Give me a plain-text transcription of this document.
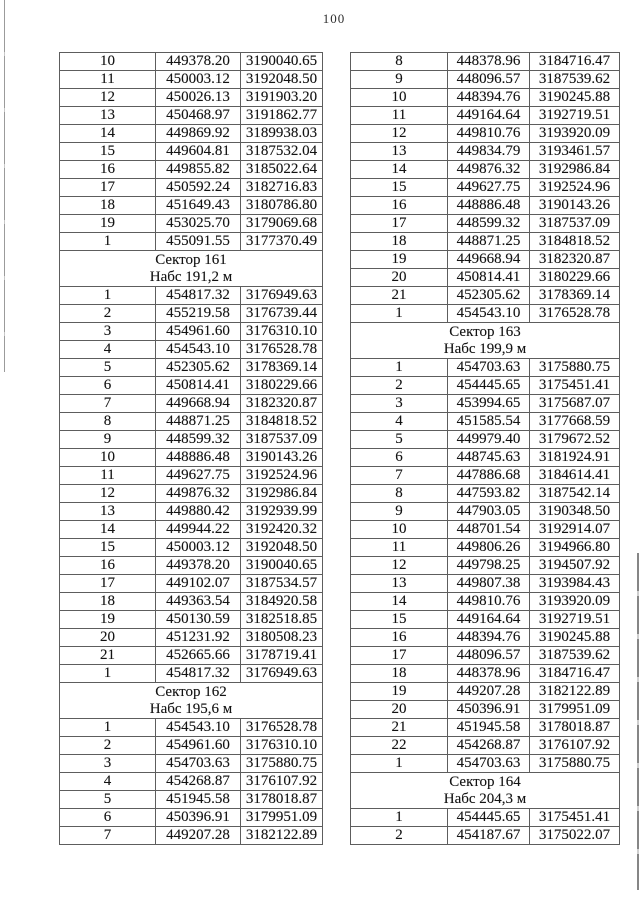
100
10	449378.20	3190040.65
11	450003.12	3192048.50
12	450026.13	3191903.20
13	450468.97	3191862.77
14	449869.92	3189938.03
15	449604.81	3187532.04
16	449855.82	3185022.64
17	450592.24	3182716.83
18	451649.43	3180786.80
19	453025.70	3179069.68
1	455091.55	3177370.49

Сектор 161
Набс 191,2 м		

1	454817.32	3176949.63
2	455219.58	3176739.44
3	454961.60	3176310.10
4	454543.10	3176528.78
5	452305.62	3178369.14
6	450814.41	3180229.66
7	449668.94	3182320.87
8	448871.25	3184818.52
9	448599.32	3187537.09
10	448886.48	3190143.26
11	449627.75	3192524.96
12	449876.32	3192986.84
13	449880.42	3192939.99
14	449944.22	3192420.32
15	450003.12	3192048.50
16	449378.20	3190040.65
17	449102.07	3187534.57
18	449363.54	3184920.58
19	450130.59	3182518.85
20	451231.92	3180508.23
21	452665.66	3178719.41
1	454817.32	3176949.63

Сектор 162
Набс 195,6 м		

1	454543.10	3176528.78
2	454961.60	3176310.10
3	454703.63	3175880.75
4	454268.87	3176107.92
5	451945.58	3178018.87
6	450396.91	3179951.09
7	449207.28	3182122.89
8	448378.96	3184716.47
9	448096.57	3187539.62
10	448394.76	3190245.88
11	449164.64	3192719.51
12	449810.76	3193920.09
13	449834.79	3193461.57
14	449876.32	3192986.84
15	449627.75	3192524.96
16	448886.48	3190143.26
17	448599.32	3187537.09
18	448871.25	3184818.52
19	449668.94	3182320.87
20	450814.41	3180229.66
21	452305.62	3178369.14
1	454543.10	3176528.78

Сектор 163
Набс 199,9 м		

1	454703.63	3175880.75
2	454445.65	3175451.41
3	453994.65	3175687.07
4	451585.54	3177668.59
5	449979.40	3179672.52
6	448745.63	3181924.91
7	447886.68	3184614.41
8	447593.82	3187542.14
9	447903.05	3190348.50
10	448701.54	3192914.07
11	449806.26	3194966.80
12	449798.25	3194507.92
13	449807.38	3193984.43
14	449810.76	3193920.09
15	449164.64	3192719.51
16	448394.76	3190245.88
17	448096.57	3187539.62
18	448378.96	3184716.47
19	449207.28	3182122.89
20	450396.91	3179951.09
21	451945.58	3178018.87
22	454268.87	3176107.92
1	454703.63	3175880.75

Сектор 164
Набс 204,3 м		

1	454445.65	3175451.41
2	454187.67	3175022.07
